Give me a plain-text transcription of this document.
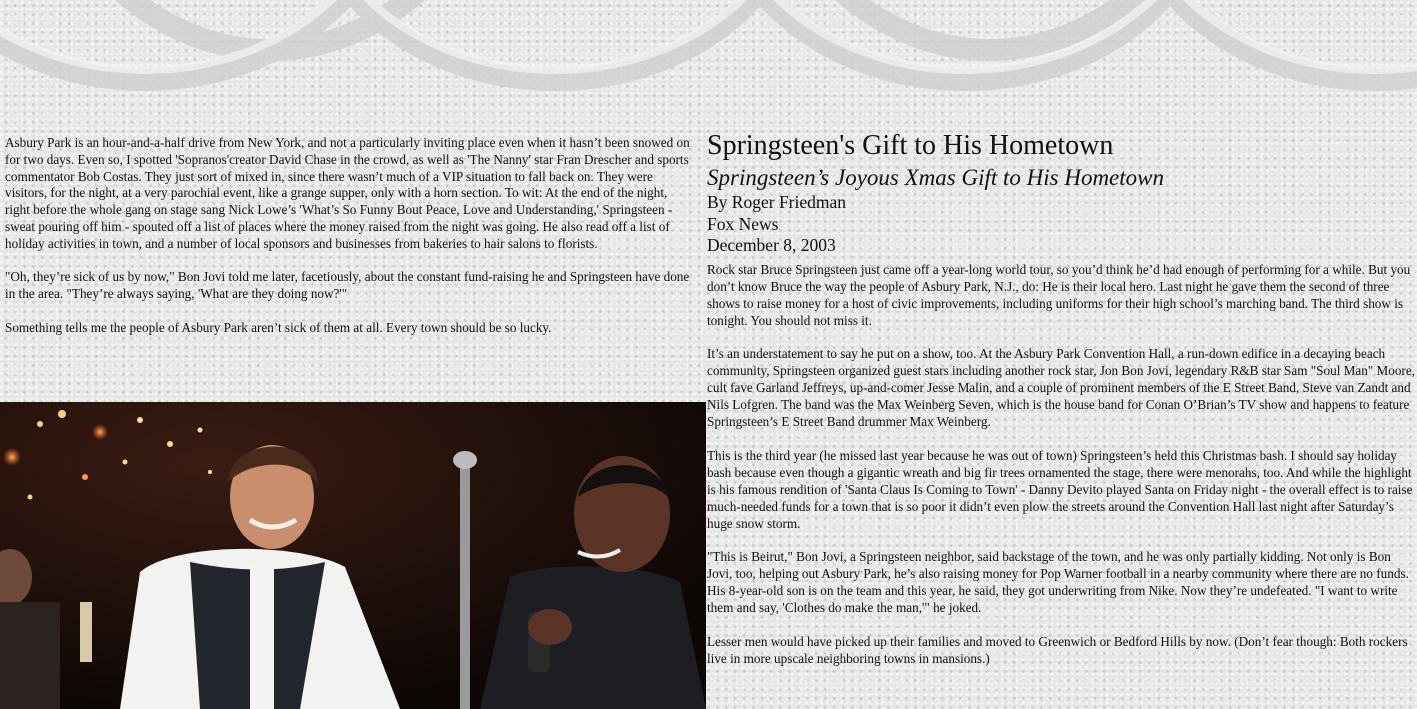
Asbury Park is an hour-and-a-half drive from New York, and not a particularly inviting place even when it hasn’t been snowed on for two days. Even so, I spotted 'Sopranos'creator David Chase in the crowd, as well as 'The Nanny' star Fran Drescher and sports commentator Bob Costas. They just sort of mixed in, since there wasn’t much of a VIP situation to fall back on. They were visitors, for the night, at a very parochial event, like a grange supper, only with a horn section. To wit: At the end of the night, right before the whole gang on stage sang Nick Lowe’s 'What’s So Funny Bout Peace, Love and Understanding,' Springsteen - sweat pouring off him - spouted off a list of places where the money raised from the night was going. He also read off a list of holiday activities in town, and a number of local sponsors and businesses from bakeries to hair salons to florists.

"Oh, they’re sick of us by now," Bon Jovi told me later, facetiously, about the constant fund-raising he and Springsteen have done in the area. "They’re always saying, 'What are they doing now?'"

Something tells me the people of Asbury Park aren’t sick of them at all. Every town should be so lucky.

Springsteen's Gift to His Hometown
Springsteen’s Joyous Xmas Gift to His Hometown
By Roger Friedman
Fox News
December 8, 2003

Rock star Bruce Springsteen just came off a year-long world tour, so you’d think he’d had enough of performing for a while. But you don’t know Bruce the way the people of Asbury Park, N.J., do: He is their local hero. Last night he gave them the second of three shows to raise money for a host of civic improvements, including uniforms for their high school’s marching band. The third show is tonight. You should not miss it.

It’s an understatement to say he put on a show, too. At the Asbury Park Convention Hall, a run-down edifice in a decaying beach community, Springsteen organized guest stars including another rock star, Jon Bon Jovi, legendary R&B star Sam "Soul Man" Moore, cult fave Garland Jeffreys, up-and-comer Jesse Malin, and a couple of prominent members of the E Street Band, Steve van Zandt and Nils Lofgren. The band was the Max Weinberg Seven, which is the house band for Conan O’Brian’s TV show and happens to feature Springsteen’s E Street Band drummer Max Weinberg.

This is the third year (he missed last year because he was out of town) Springsteen’s held this Christmas bash. I should say holiday bash because even though a gigantic wreath and big fir trees ornamented the stage, there were menorahs, too. And while the highlight is his famous rendition of 'Santa Claus Is Coming to Town' - Danny Devito played Santa on Friday night - the overall effect is to raise much-needed funds for a town that is so poor it didn’t even plow the streets around the Convention Hall last night after Saturday’s huge snow storm.

"This is Beirut," Bon Jovi, a Springsteen neighbor, said backstage of the town, and he was only partially kidding. Not only is Bon Jovi, too, helping out Asbury Park, he’s also raising money for Pop Warner football in a nearby community where there are no funds. His 8-year-old son is on the team and this year, he said, they got underwriting from Nike. Now they’re undefeated. "I want to write them and say, 'Clothes do make the man,'" he joked.

Lesser men would have picked up their families and moved to Greenwich or Bedford Hills by now. (Don’t fear though: Both rockers live in more upscale neighboring towns in mansions.)
